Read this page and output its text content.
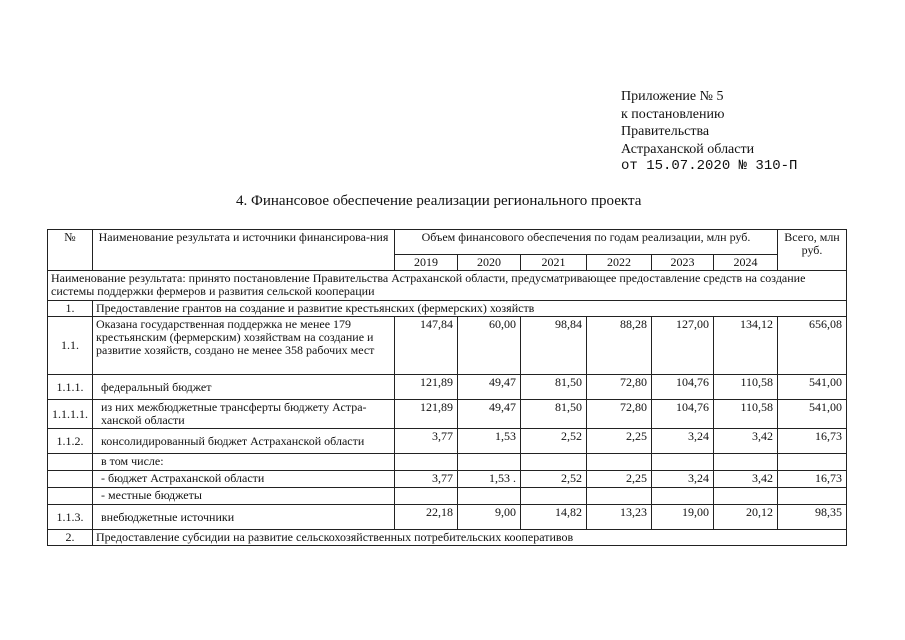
Приложение № 5
к постановлению
Правительства
Астраханской области
от 15.07.2020 № 310-П
4. Финансовое обеспечение реализации регионального проекта
№	Наименование результата и источники финансирова-ния	Объем финансового обеспечения по годам реализации, млн руб.						Всего, млн руб.
		2019	2020	2021	2022	2023	2024	
Наименование результата: принято постановление Правительства Астраханской области, предусматривающее предоставление средств на создание системы поддержки фермеров и развития сельской кооперации								
1.	Предоставление грантов на создание и развитие крестьянских (фермерских) хозяйств							
1.1.	Оказана государственная поддержка не менее 179 крестьянским (фермерским) хозяйствам на создание и развитие хозяйств, создано не менее 358 рабочих мест	147,84	60,00	98,84	88,28	127,00	134,12	656,08
1.1.1.	федеральный бюджет	121,89	49,47	81,50	72,80	104,76	110,58	541,00
1.1.1.1.	из них межбюджетные трансферты бюджету Астра-ханской области	121,89	49,47	81,50	72,80	104,76	110,58	541,00
1.1.2.	консолидированный бюджет Астраханской области	3,77	1,53	2,52	2,25	3,24	3,42	16,73
	в том числе:							
	- бюджет Астраханской области	3,77	1,53 .	2,52	2,25	3,24	3,42	16,73
	- местные бюджеты							
1.1.3.	внебюджетные источники	22,18	9,00	14,82	13,23	19,00	20,12	98,35
2.	Предоставление субсидии на развитие сельскохозяйственных потребительских кооперативов							
